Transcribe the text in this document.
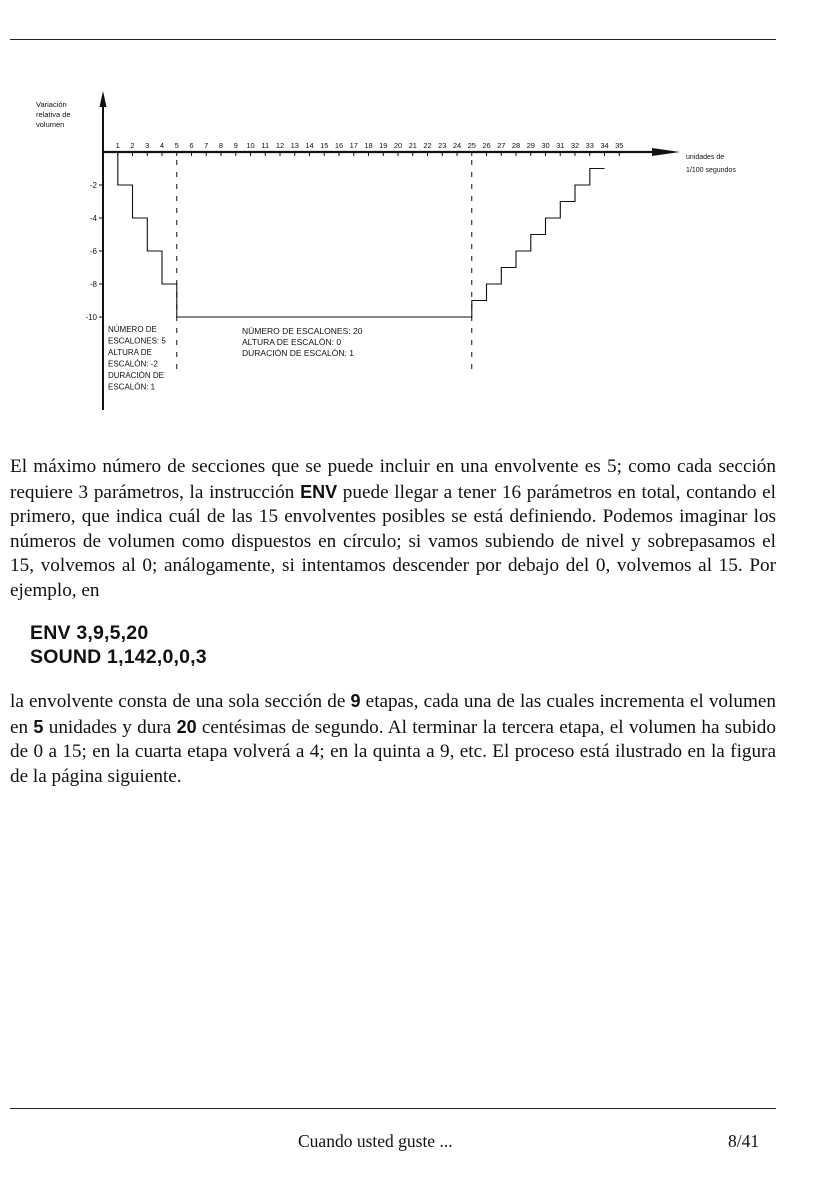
1 2 3 4 5 6 7 8 9 10 11 12 13 14 15 16 17 18 19 20 21 22 23 24 25 26 27 28 29 30 31 32 33 34 35
-2
-4
-6
-8
-10
Variación
relativa de
volumen
unidades de
1/100 segundos
NÚMERO DE
ESCALONES: 5
ALTURA DE
ESCALÓN: -2
DURACIÓN DE
ESCALÓN: 1
NÚMERO DE ESCALONES: 20
ALTURA DE ESCALÓN: 0
DURACIÓN DE ESCALÓN: 1

El máximo número de secciones que se puede incluir en una envolvente es 5; como cada sección requiere 3 parámetros, la instrucción ENV puede llegar a tener 16 parámetros en total, contando el primero, que indica cuál de las 15 envolventes posibles se está definiendo. Podemos imaginar los números de volumen como dispuestos en círculo; si vamos subiendo de nivel y sobrepasamos el 15, volvemos al 0; análogamente, si intentamos descender por debajo del 0, volvemos al 15. Por ejemplo, en

ENV 3,9,5,20
SOUND 1,142,0,0,3

la envolvente consta de una sola sección de 9 etapas, cada una de las cuales incrementa el volumen en 5 unidades y dura 20 centésimas de segundo. Al terminar la tercera etapa, el volumen ha subido de 0 a 15; en la cuarta etapa volverá a 4; en la quinta a 9, etc. El proceso está ilustrado en la figura de la página siguiente.

Cuando usted guste ...	8/41
